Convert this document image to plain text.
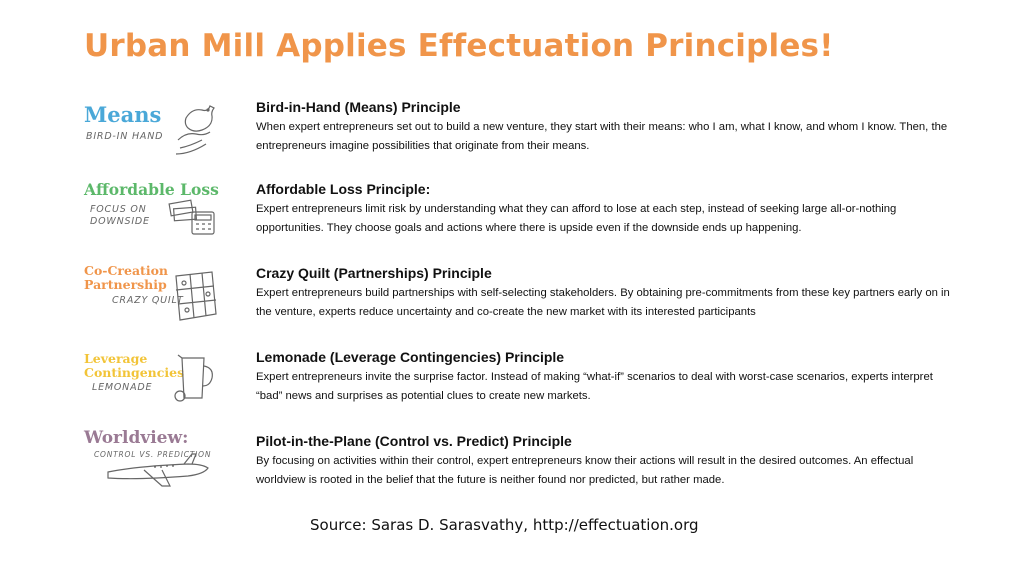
Urban Mill Applies Effectuation Principles!
Means
BIRD-IN HAND
Bird-in-Hand (Means) Principle
When expert entrepreneurs set out to build a new venture, they start with their means: who I am, what I know, and whom I know. Then, the entrepreneurs imagine possibilities that originate from their means.
Affordable Loss
FOCUS ON DOWNSIDE
Affordable Loss Principle:
Expert entrepreneurs limit risk by understanding what they can afford to lose at each step, instead of seeking large all-or-nothing opportunities. They choose goals and actions where there is upside even if the downside ends up happening.
Co-Creation
Partnership
CRAZY QUILT
Crazy Quilt (Partnerships) Principle
Expert entrepreneurs build partnerships with self-selecting stakeholders. By obtaining pre-commitments from these key partners early on in the venture, experts reduce uncertainty and co-create the new market with its interested participants
Leverage
Contingencies
LEMONADE
Lemonade (Leverage Contingencies) Principle
Expert entrepreneurs invite the surprise factor. Instead of making “what-if” scenarios to deal with worst-case scenarios, experts interpret “bad” news and surprises as potential clues to create new markets.
Worldview:
CONTROL VS. PREDICTION
Pilot-in-the-Plane (Control vs. Predict) Principle
By focusing on activities within their control, expert entrepreneurs know their actions will result in the desired outcomes. An effectual worldview is rooted in the belief that the future is neither found nor predicted, but rather made.
Source: Saras D. Sarasvathy, http://effectuation.org
